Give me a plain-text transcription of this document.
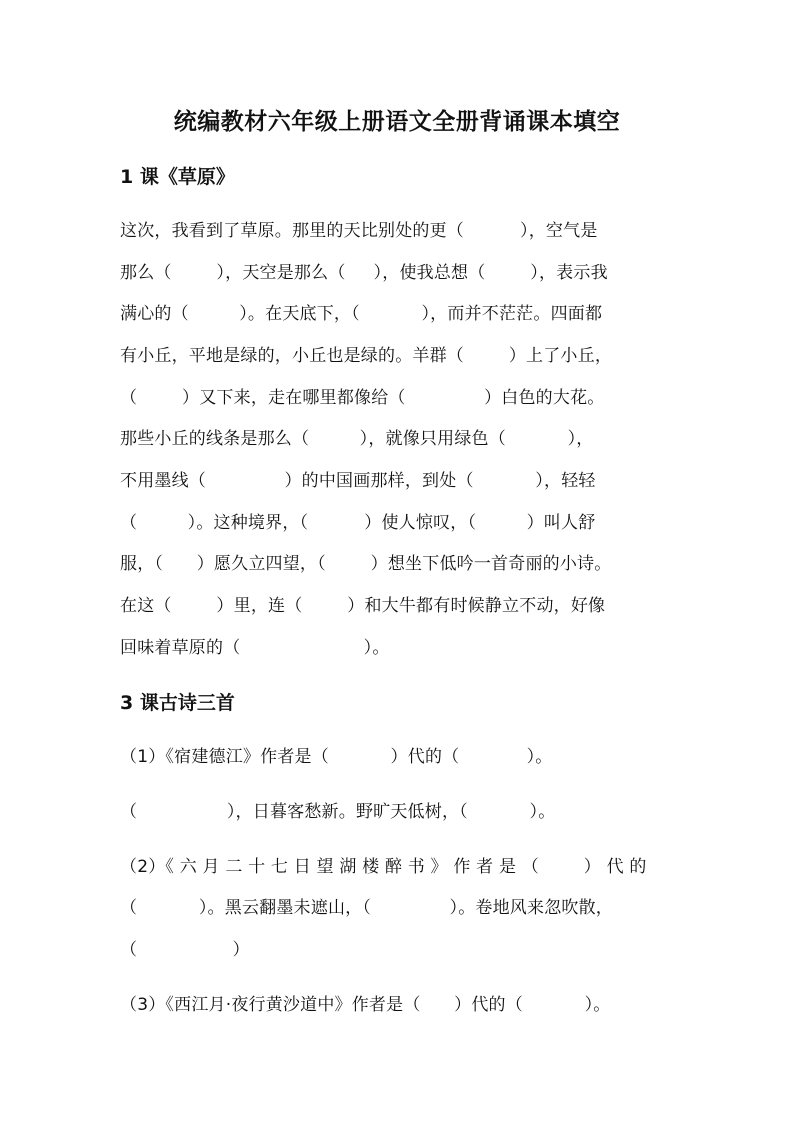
统编教材六年级上册语文全册背诵课本填空
1 课《草原》
这次，我看到了草原。那里的天比别处的更（          ），空气是
那么（        ），天空是那么（     ），使我总想（        ），表示我
满心的（         ）。在天底下，（           ），而并不茫茫。四面都
有小丘，平地是绿的，小丘也是绿的。羊群（        ）上了小丘，
（        ）又下来，走在哪里都像给（              ）白色的大花。
那些小丘的线条是那么（         ），就像只用绿色（           ），
不用墨线（              ）的中国画那样，到处（           ），轻轻
（         ）。这种境界，（          ）使人惊叹，（         ）叫人舒
服，（      ）愿久立四望，（        ）想坐下低吟一首奇丽的小诗。
在这（        ）里，连（        ）和大牛都有时候静立不动，好像
回味着草原的（                      ）。
3 课古诗三首
（1）《宿建德江》作者是（           ）代的（            ）。
（                ），日暮客愁新。野旷天低树，（           ）。
（2）《 六 月 二 十 七 日 望 湖 楼 醉 书 》 作 者 是 （        ） 代 的
（           ）。黑云翻墨未遮山，（              ）。卷地风来忽吹散，
（                 ）
（3）《西江月·夜行黄沙道中》作者是（      ）代的（           ）。
